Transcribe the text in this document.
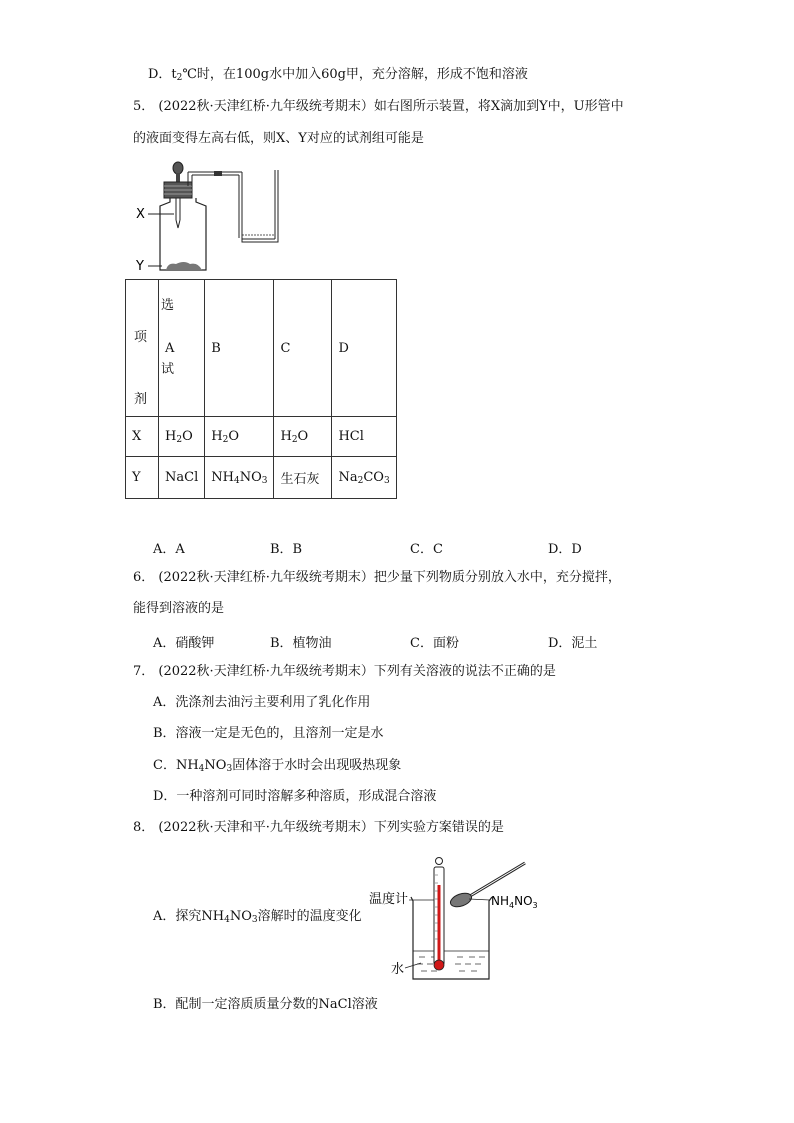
D．$t_2℃$时，在100g水中加入60g甲，充分溶解，形成不饱和溶液
5． (2022秋·天津红桥·九年级统考期末）如右图所示装置，将X滴加到Y中，U形管中
的液面变得左高右低，则X、Y对应的试剂组可能是
X
Y
选
项
试
剂	A	B	C	D
X	$H_2O$	$H_2O$	$H_2O$	HCl
Y	NaCl	$NH_4NO_3$	生石灰	$Na_2CO_3$
A．A	B．B	C．C	D．D
6． (2022秋·天津红桥·九年级统考期末）把少量下列物质分别放入水中，充分搅拌，
能得到溶液的是
A．硝酸钾	B．植物油	C．面粉	D．泥土
7． (2022秋·天津红桥·九年级统考期末）下列有关溶液的说法不正确的是
A．洗涤剂去油污主要利用了乳化作用
B．溶液一定是无色的，且溶剂一定是水
C．$NH_4NO_3$固体溶于水时会出现吸热现象
D．一种溶剂可同时溶解多种溶质，形成混合溶液
8． (2022秋·天津和平·九年级统考期末）下列实验方案错误的是
A．探究$NH_4NO_3$溶解时的温度变化
温度计
水
$NH_4NO_3$
B．配制一定溶质质量分数的NaCl溶液
